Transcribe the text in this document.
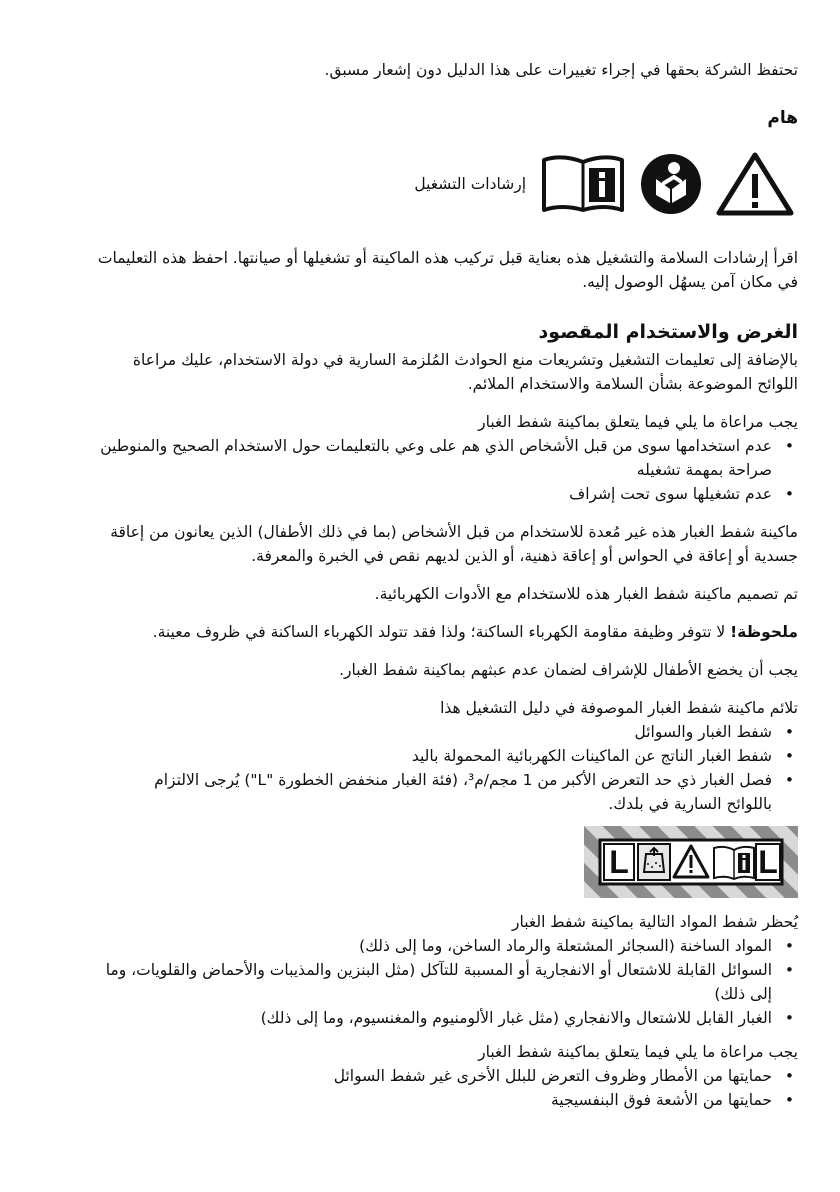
تحتفظ الشركة بحقها في إجراء تغييرات على هذا الدليل دون إشعار مسبق.

هام

إرشادات التشغيل

اقرأ إرشادات السلامة والتشغيل هذه بعناية قبل تركيب هذه الماكينة أو تشغيلها أو صيانتها. احفظ هذه التعليمات

في مكان آمن يسهُل الوصول إليه.

الغرض والاستخدام المقصود

بالإضافة إلى تعليمات التشغيل وتشريعات منع الحوادث المُلزمة السارية في دولة الاستخدام، عليك مراعاة

اللوائح الموضوعة بشأن السلامة والاستخدام الملائم.

يجب مراعاة ما يلي فيما يتعلق بماكينة شفط الغبار

• عدم استخدامها سوى من قبل الأشخاص الذي هم على وعي بالتعليمات حول الاستخدام الصحيح والمنوطين
صراحة بمهمة تشغيله
• عدم تشغيلها سوى تحت إشراف

ماكينة شفط الغبار هذه غير مُعدة للاستخدام من قبل الأشخاص (بما في ذلك الأطفال) الذين يعانون من إعاقة

جسدية أو إعاقة في الحواس أو إعاقة ذهنية، أو الذين لديهم نقص في الخبرة والمعرفة.

تم تصميم ماكينة شفط الغبار هذه للاستخدام مع الأدوات الكهربائية.

ملحوظة! لا تتوفر وظيفة مقاومة الكهرباء الساكنة؛ ولذا فقد تتولد الكهرباء الساكنة في ظروف معينة.

يجب أن يخضع الأطفال للإشراف لضمان عدم عبثهم بماكينة شفط الغبار.

تلائم ماكينة شفط الغبار الموصوفة في دليل التشغيل هذا

• شفط الغبار والسوائل
• شفط الغبار الناتج عن الماكينات الكهربائية المحمولة باليد
• فصل الغبار ذي حد التعرض الأكبر من 1 مجم/م³، (فئة الغبار منخفض الخطورة "L") يُرجى الالتزام
باللوائح السارية في بلدك.
L	L

يُحظر شفط المواد التالية بماكينة شفط الغبار

• المواد الساخنة (السجائر المشتعلة والرماد الساخن، وما إلى ذلك)
• السوائل القابلة للاشتعال أو الانفجارية أو المسببة للتآكل (مثل البنزين والمذيبات والأحماض والقلويات، وما
إلى ذلك)
• الغبار القابل للاشتعال والانفجاري (مثل غبار الألومنيوم والمغنسيوم، وما إلى ذلك)

يجب مراعاة ما يلي فيما يتعلق بماكينة شفط الغبار

• حمايتها من الأمطار وظروف التعرض للبلل الأخرى غير شفط السوائل
• حمايتها من الأشعة فوق البنفسيجية
